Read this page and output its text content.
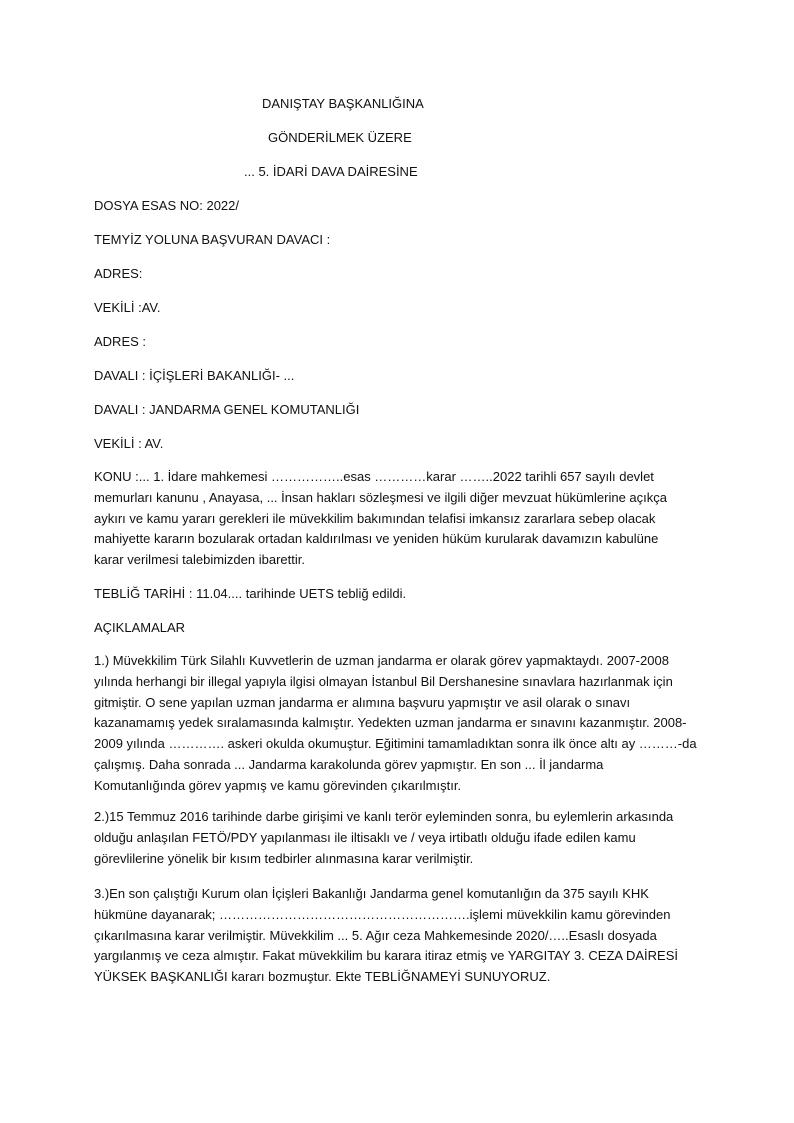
DANIŞTAY BAŞKANLIĞINA
GÖNDERİLMEK ÜZERE
... 5. İDARİ DAVA DAİRESİNE
DOSYA ESAS NO: 2022/
TEMYİZ YOLUNA BAŞVURAN DAVACI :
ADRES:
VEKİLİ :AV.
ADRES :
DAVALI : İÇİŞLERİ BAKANLIĞI- ...
DAVALI : JANDARMA GENEL KOMUTANLIĞI
VEKİLİ : AV.
KONU :... 1. İdare mahkemesi ……………..esas …………karar ……..2022 tarihli 657 sayılı devlet
memurları kanunu , Anayasa, ... İnsan hakları sözleşmesi ve ilgili diğer mevzuat hükümlerine açıkça
aykırı ve kamu yararı gerekleri ile müvekkilim bakımından telafisi imkansız zararlara sebep olacak
mahiyette kararın bozularak ortadan kaldırılması ve yeniden hüküm kurularak davamızın kabulüne
karar verilmesi talebimizden ibarettir.
TEBLİĞ TARİHİ : 11.04.... tarihinde UETS tebliğ edildi.
AÇIKLAMALAR
1.) Müvekkilim Türk Silahlı Kuvvetlerin de uzman jandarma er olarak görev yapmaktaydı. 2007-2008
yılında herhangi bir illegal yapıyla ilgisi olmayan İstanbul Bil Dershanesine sınavlara hazırlanmak için
gitmiştir. O sene yapılan uzman jandarma er alımına başvuru yapmıştır ve asil olarak o sınavı
kazanamamış yedek sıralamasında kalmıştır. Yedekten uzman jandarma er sınavını kazanmıştır. 2008-
2009 yılında …………. askeri okulda okumuştur. Eğitimini tamamladıktan sonra ilk önce altı ay ………-da
çalışmış. Daha sonrada ... Jandarma karakolunda görev yapmıştır. En son ... İl jandarma
Komutanlığında görev yapmış ve kamu görevinden çıkarılmıştır.
2.)15 Temmuz 2016 tarihinde darbe girişimi ve kanlı terör eyleminden sonra, bu eylemlerin arkasında
olduğu anlaşılan FETÖ/PDY yapılanması ile iltisaklı ve / veya irtibatlı olduğu ifade edilen kamu
görevlilerine yönelik bir kısım tedbirler alınmasına karar verilmiştir.
3.)En son çalıştığı Kurum olan İçişleri Bakanlığı Jandarma genel komutanlığın da 375 sayılı KHK
hükmüne dayanarak; ………………………………………………….işlemi müvekkilin kamu görevinden
çıkarılmasına karar verilmiştir. Müvekkilim ... 5. Ağır ceza Mahkemesinde 2020/…..Esaslı dosyada
yargılanmış ve ceza almıştır. Fakat müvekkilim bu karara itiraz etmiş ve YARGITAY 3. CEZA DAİRESİ
YÜKSEK BAŞKANLIĞI kararı bozmuştur. Ekte TEBLİĞNAMEYİ SUNUYORUZ.
